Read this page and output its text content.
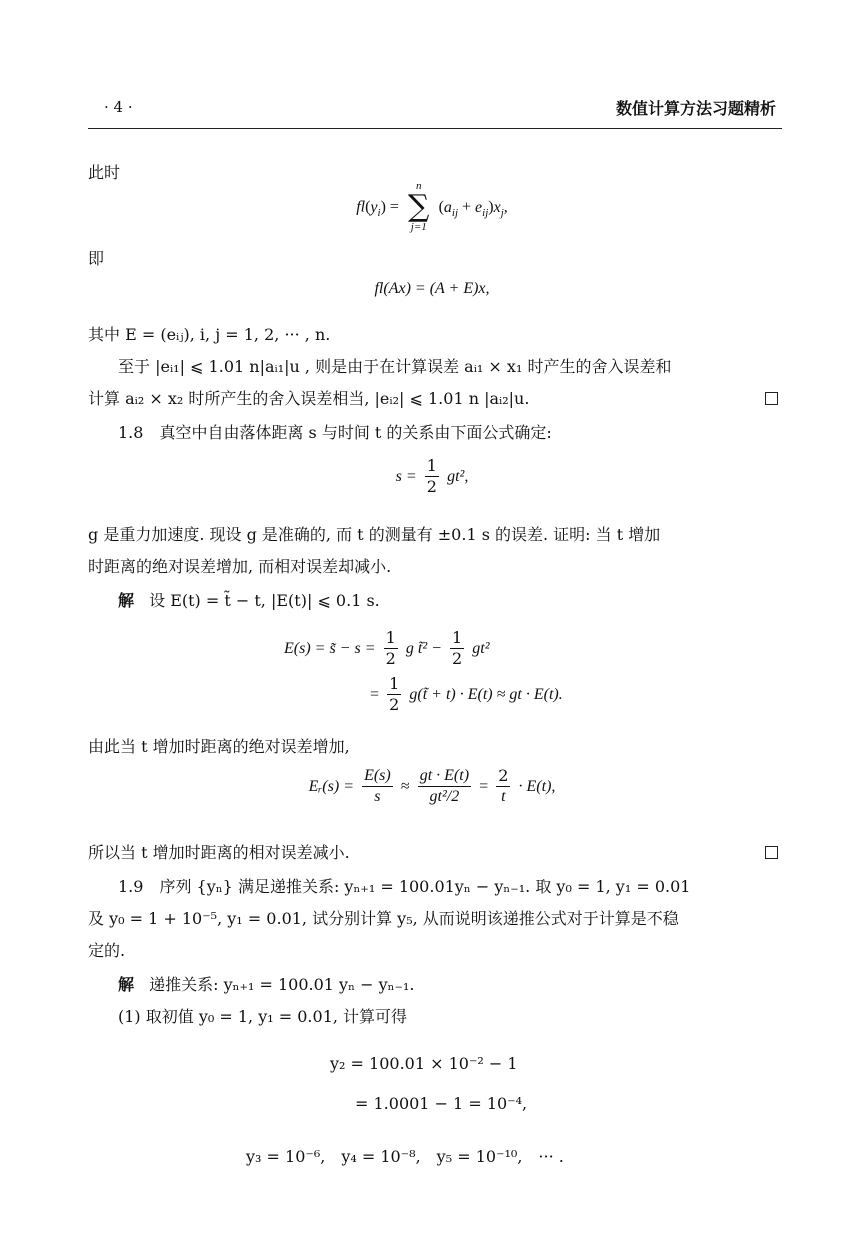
· 4 ·	数值计算方法习题精析
此时
$fl(y_i)$ =
n
∑
j=1
$(a_{ij} + e_{ij})x_j$,
即
fl(Ax) = (A + E)x,
其中 E = (eᵢⱼ), i, j = 1, 2, ··· , n.
至于 |eᵢ₁| ⩽ 1.01 n|aᵢ₁|u , 则是由于在计算误差 aᵢ₁ × x₁ 时产生的舍入误差和
计算 aᵢ₂ × x₂ 时所产生的舍入误差相当, |eᵢ₂| ⩽ 1.01 n |aᵢ₂|u.
1.8　真空中自由落体距离 s 与时间 t 的关系由下面公式确定:
$s = \frac{1}{2} gt^2$,
g 是重力加速度. 现设 g 是准确的, 而 t 的测量有 ±0.1 s 的误差. 证明: 当 t 增加
时距离的绝对误差增加, 而相对误差却减小.
解 设 E(t) = t̃ − t, |E(t)| ⩽ 0.1 s.
E(s) = s̃ − $s = \frac{1}{2}$ g t̃² − $\frac{1}{2} gt^2$
= $\frac{1}{2}$ g(t̃ + t) · E(t) ≈ gt · E(t).
由此当 t 增加时距离的绝对误差增加,
Eᵣ(s) = $\frac{E(s)}{s} \approx \frac{gt \cdot E(t)}{\text{gt²/2}} = \frac{2}{t} \cdot E(t)$,
所以当 t 增加时距离的相对误差减小.
1.9　序列 {yₙ} 满足递推关系: yₙ₊₁ = 100.01yₙ − yₙ₋₁. 取 y₀ = 1, y₁ = 0.01
及 y₀ = 1 + 10⁻⁵, y₁ = 0.01, 试分别计算 y₅, 从而说明该递推公式对于计算是不稳
定的.
解 递推关系: yₙ₊₁ = 100.01 yₙ − yₙ₋₁.
(1) 取初值 y₀ = 1, y₁ = 0.01, 计算可得
y₂ = 100.01 × 10⁻² − 1
= 1.0001 − 1 = 10⁻⁴,
y₃ = 10⁻⁶,　y₄ = 10⁻⁸,　y₅ = 10⁻¹⁰,　··· .
